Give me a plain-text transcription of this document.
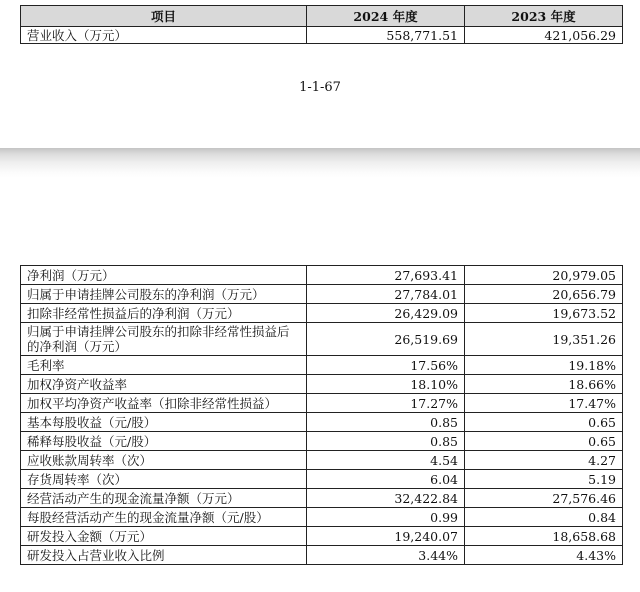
项目	2024 年度	2023 年度
营业收入（万元）	558,771.51	421,056.29
1-1-67
净利润（万元）	27,693.41	20,979.05
归属于申请挂牌公司股东的净利润（万元）	27,784.01	20,656.79
扣除非经常性损益后的净利润（万元）	26,429.09	19,673.52
归属于申请挂牌公司股东的扣除非经常性损益后的净利润（万元）	26,519.69	19,351.26
毛利率	17.56%	19.18%
加权净资产收益率	18.10%	18.66%
加权平均净资产收益率（扣除非经常性损益）	17.27%	17.47%
基本每股收益（元/股）	0.85	0.65
稀释每股收益（元/股）	0.85	0.65
应收账款周转率（次）	4.54	4.27
存货周转率（次）	6.04	5.19
经营活动产生的现金流量净额（万元）	32,422.84	27,576.46
每股经营活动产生的现金流量净额（元/股）	0.99	0.84
研发投入金额（万元）	19,240.07	18,658.68
研发投入占营业收入比例	3.44%	4.43%
